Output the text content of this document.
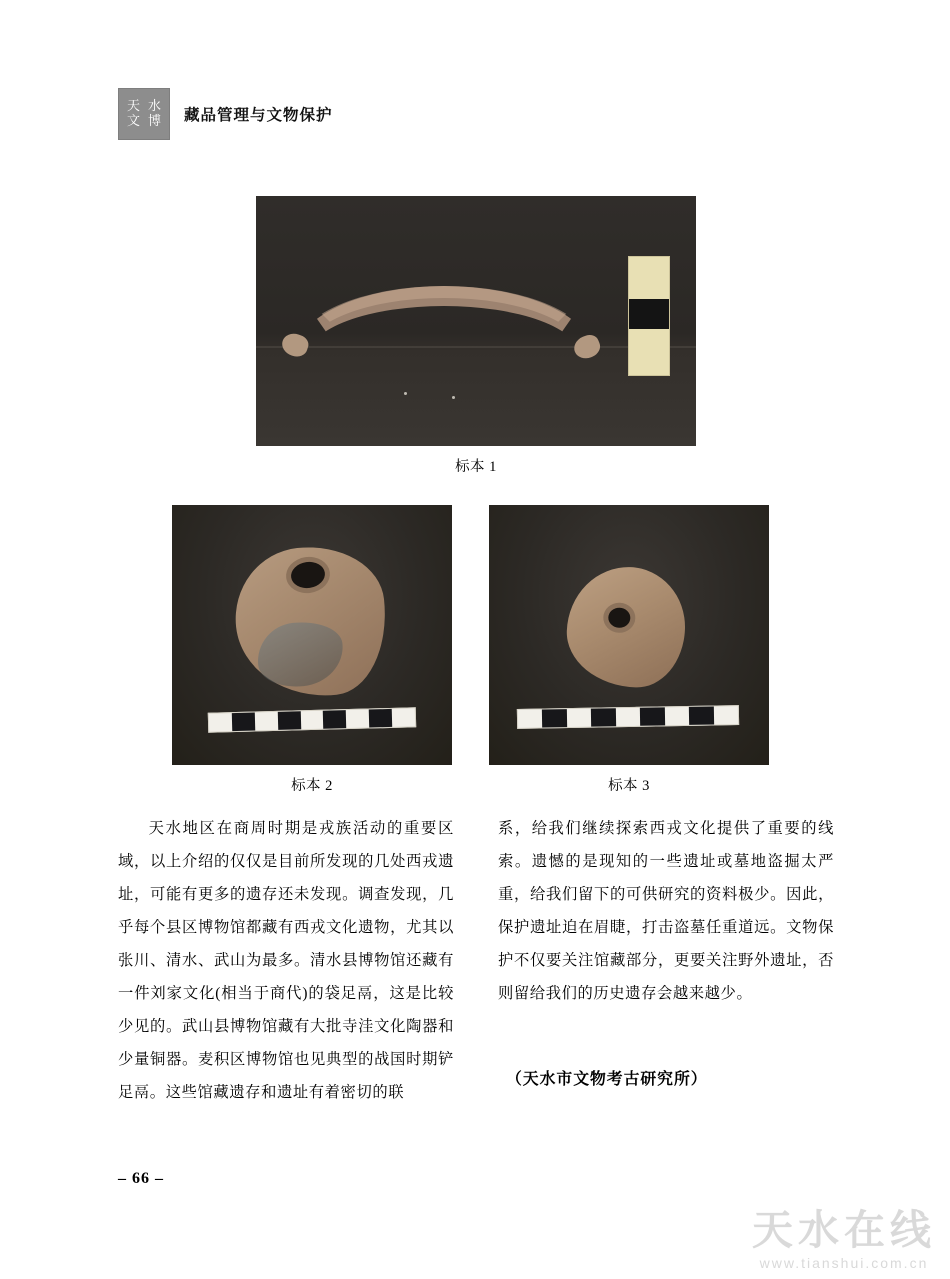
天 水
文 博 藏品管理与文物保护
标本 1
标本 2	标本 3

天水地区在商周时期是戎族活动的重要区域，以上介绍的仅仅是目前所发现的几处西戎遗址，可能有更多的遗存还未发现。调查发现，几乎每个县区博物馆都藏有西戎文化遗物，尤其以张川、清水、武山为最多。清水县博物馆还藏有一件刘家文化(相当于商代)的袋足鬲，这是比较少见的。武山县博物馆藏有大批寺洼文化陶器和少量铜器。麦积区博物馆也见典型的战国时期铲足鬲。这些馆藏遗存和遗址有着密切的联

系，给我们继续探索西戎文化提供了重要的线索。遗憾的是现知的一些遗址或墓地盗掘太严重，给我们留下的可供研究的资料极少。因此，保护遗址迫在眉睫，打击盗墓任重道远。文物保护不仅要关注馆藏部分，更要关注野外遗址，否则留给我们的历史遗存会越来越少。

（天水市文物考古研究所）
– 66 –
天水在线
www.tianshui.com.cn
